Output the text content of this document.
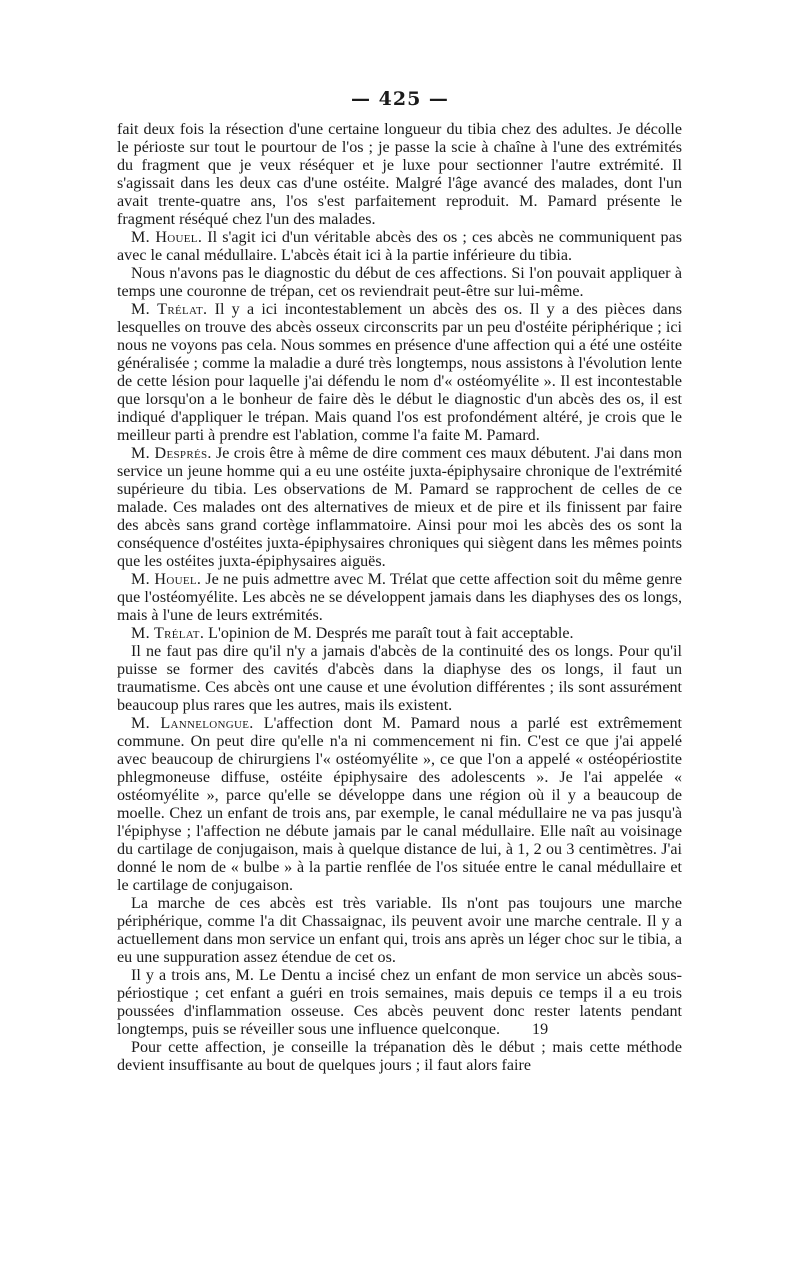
— 425 —

fait deux fois la résection d'une certaine longueur du tibia chez des adultes. Je décolle le périoste sur tout le pourtour de l'os ; je passe la scie à chaîne à l'une des extrémités du fragment que je veux réséquer et je luxe pour sectionner l'autre extrémité. Il s'agissait dans les deux cas d'une ostéite. Malgré l'âge avancé des malades, dont l'un avait trente-quatre ans, l'os s'est parfaitement reproduit. M. Pamard présente le fragment réséqué chez l'un des malades.

M. Houel. Il s'agit ici d'un véritable abcès des os ; ces abcès ne communiquent pas avec le canal médullaire. L'abcès était ici à la partie inférieure du tibia.

Nous n'avons pas le diagnostic du début de ces affections. Si l'on pouvait appliquer à temps une couronne de trépan, cet os reviendrait peut-être sur lui-même.

M. Trélat. Il y a ici incontestablement un abcès des os. Il y a des pièces dans lesquelles on trouve des abcès osseux circonscrits par un peu d'ostéite périphérique ; ici nous ne voyons pas cela. Nous sommes en présence d'une affection qui a été une ostéite généralisée ; comme la maladie a duré très longtemps, nous assistons à l'évolution lente de cette lésion pour laquelle j'ai défendu le nom d'« ostéomyélite ». Il est incontestable que lorsqu'on a le bonheur de faire dès le début le diagnostic d'un abcès des os, il est indiqué d'appliquer le trépan. Mais quand l'os est profondément altéré, je crois que le meilleur parti à prendre est l'ablation, comme l'a faite M. Pamard.

M. Després. Je crois être à même de dire comment ces maux débutent. J'ai dans mon service un jeune homme qui a eu une ostéite juxta-épiphysaire chronique de l'extrémité supérieure du tibia. Les observations de M. Pamard se rapprochent de celles de ce malade. Ces malades ont des alternatives de mieux et de pire et ils finissent par faire des abcès sans grand cortège inflammatoire. Ainsi pour moi les abcès des os sont la conséquence d'ostéites juxta-épiphysaires chroniques qui siègent dans les mêmes points que les ostéites juxta-épiphysaires aiguës.

M. Houel. Je ne puis admettre avec M. Trélat que cette affection soit du même genre que l'ostéomyélite. Les abcès ne se développent jamais dans les diaphyses des os longs, mais à l'une de leurs extrémités.

M. Trélat. L'opinion de M. Després me paraît tout à fait acceptable.

Il ne faut pas dire qu'il n'y a jamais d'abcès de la continuité des os longs. Pour qu'il puisse se former des cavités d'abcès dans la diaphyse des os longs, il faut un traumatisme. Ces abcès ont une cause et une évolution différentes ; ils sont assurément beaucoup plus rares que les autres, mais ils existent.

M. Lannelongue. L'affection dont M. Pamard nous a parlé est extrêmement commune. On peut dire qu'elle n'a ni commencement ni fin. C'est ce que j'ai appelé avec beaucoup de chirurgiens l'« ostéomyélite », ce que l'on a appelé « ostéopériostite phlegmoneuse diffuse, ostéite épiphysaire des adolescents ». Je l'ai appelée « ostéomyélite », parce qu'elle se développe dans une région où il y a beaucoup de moelle. Chez un enfant de trois ans, par exemple, le canal médullaire ne va pas jusqu'à l'épiphyse ; l'affection ne débute jamais par le canal médullaire. Elle naît au voisinage du cartilage de conjugaison, mais à quelque distance de lui, à 1, 2 ou 3 centimètres. J'ai donné le nom de « bulbe » à la partie renflée de l'os située entre le canal médullaire et le cartilage de conjugaison.

La marche de ces abcès est très variable. Ils n'ont pas toujours une marche périphérique, comme l'a dit Chassaignac, ils peuvent avoir une marche centrale. Il y a actuellement dans mon service un enfant qui, trois ans après un léger choc sur le tibia, a eu une suppuration assez étendue de cet os.

Il y a trois ans, M. Le Dentu a incisé chez un enfant de mon service un abcès sous-périostique ; cet enfant a guéri en trois semaines, mais depuis ce temps il a eu trois poussées d'inflammation osseuse. Ces abcès peuvent donc rester latents pendant longtemps, puis se réveiller sous une influence quelconque. 19

Pour cette affection, je conseille la trépanation dès le début ; mais cette méthode devient insuffisante au bout de quelques jours ; il faut alors faire
